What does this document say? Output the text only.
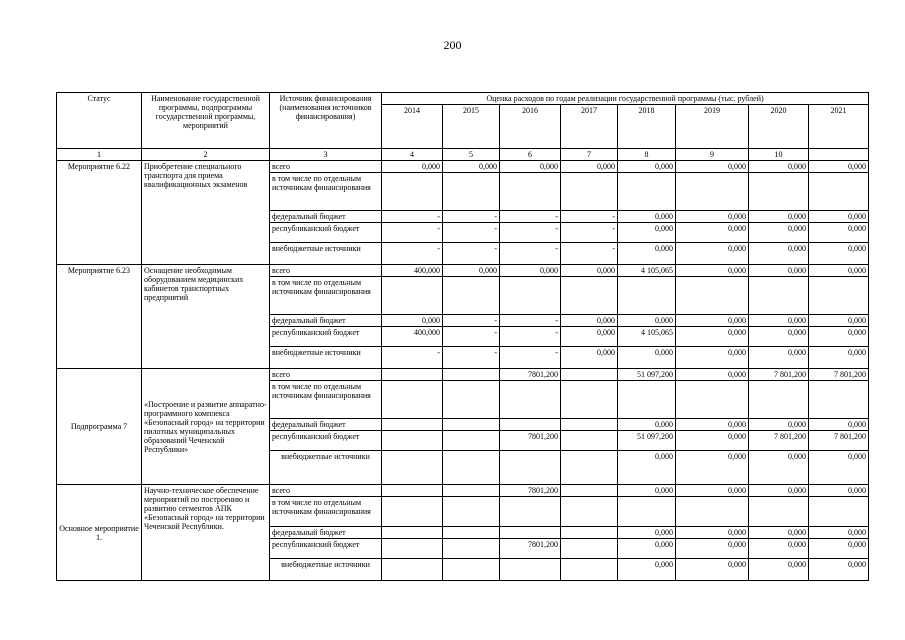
200
Статус	Наименование государственной программы, подпрограммы государственной программы, мероприятий	Источник финансирования (наименования источников финансирования)	Оценка расходов по годам реализации государственной программы (тыс. рублей)							
			2014	2015	2016	2017	2018	2019	2020	2021
1	2	3	4	5	6	7	8	9	10	
Мероприятие 6.22	Приобретение специального транспорта для приема квалификационных экзаменов	всего	0,000	0,000	0,000	0,000	0,000	0,000	0,000	0,000
		в том числе по отдельным источникам финансирования								
		федеральный бюджет	-	-	-	-	0,000	0,000	0,000	0,000
		республиканский бюджет	-	-	-	-	0,000	0,000	0,000	0,000
		внебюджетные источники	-	-	-	-	0,000	0,000	0,000	0,000
Мероприятие 6.23	Оснащение необходимым оборудованием медицинских кабинетов транспортных предприятий	всего	400,000	0,000	0,000	0,000	4 105,065	0,000	0,000	0,000
		в том числе по отдельным источникам финансирования								
		федеральный бюджет	0,000	-	-	0,000	0,000	0,000	0,000	0,000
		республиканский бюджет	400,000	-	-	0,000	4 105,065	0,000	0,000	0,000
		внебюджетные источники	-	-	-	0,000	0,000	0,000	0,000	0,000
Подпрограмма 7	«Построение и развитие аппаратно-программного комплекса «Безопасный город» на территории пилотных муниципальных образований Чеченской Республики»	всего			7801,200		51 097,200	0,000	7 801,200	7 801,200
		в том числе по отдельным источникам финансирования								
		федеральный бюджет					0,000	0,000	0,000	0,000
		республиканский бюджет			7801,200		51 097,200	0,000	7 801,200	7 801,200
		внебюджетные источники					0,000	0,000	0,000	0,000
Основное мероприятие 1.	Научно-техническое обеспечение мероприятий по построению и развитию сегментов АПК «Безопасный город» на территории Чеченской Республики.	всего			7801,200		0,000	0,000	0,000	0,000
		в том числе по отдельным источникам финансирования								
		федеральный бюджет					0,000	0,000	0,000	0,000
		республиканский бюджет			7801,200		0,000	0,000	0,000	0,000
		внебюджетные источники					0,000	0,000	0,000	0,000
